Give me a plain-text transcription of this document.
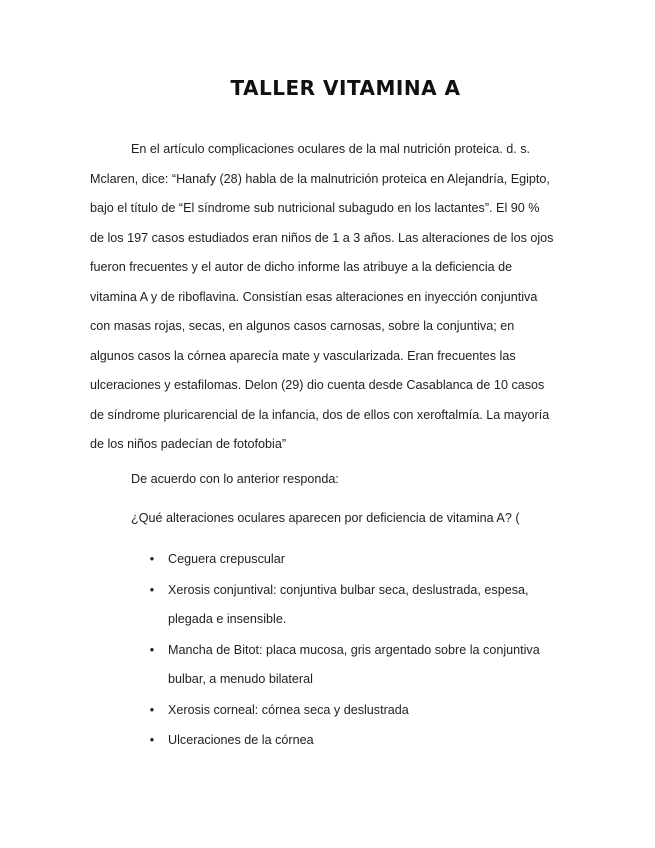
TALLER VITAMINA A
En el artículo complicaciones oculares de la mal nutrición proteica. d. s.
Mclaren, dice: “Hanafy (28) habla de la malnutrición proteica en Alejandría, Egipto,
bajo el título de “El síndrome sub nutricional subagudo en los lactantes”. El 90 %
de los 197 casos estudiados eran niños de 1 a 3 años. Las alteraciones de los ojos
fueron frecuentes y el autor de dicho informe las atribuye a la deficiencia de
vitamina A y de riboflavina. Consistían esas alteraciones en inyección conjuntiva
con masas rojas, secas, en algunos casos carnosas, sobre la conjuntiva; en
algunos casos la córnea aparecía mate y vascularizada. Eran frecuentes las
ulceraciones y estafilomas. Delon (29) dio cuenta desde Casablanca de 10 casos
de síndrome pluricarencial de la infancia, dos de ellos con xeroftalmía. La mayoría
de los niños padecían de fotofobia”
De acuerdo con lo anterior responda:
¿Qué alteraciones oculares aparecen por deficiencia de vitamina A? (
• Ceguera crepuscular
• Xerosis conjuntival: conjuntiva bulbar seca, deslustrada, espesa,
plegada e insensible.
• Mancha de Bitot: placa mucosa, gris argentado sobre la conjuntiva
bulbar, a menudo bilateral
• Xerosis corneal: córnea seca y deslustrada
• Ulceraciones de la córnea
